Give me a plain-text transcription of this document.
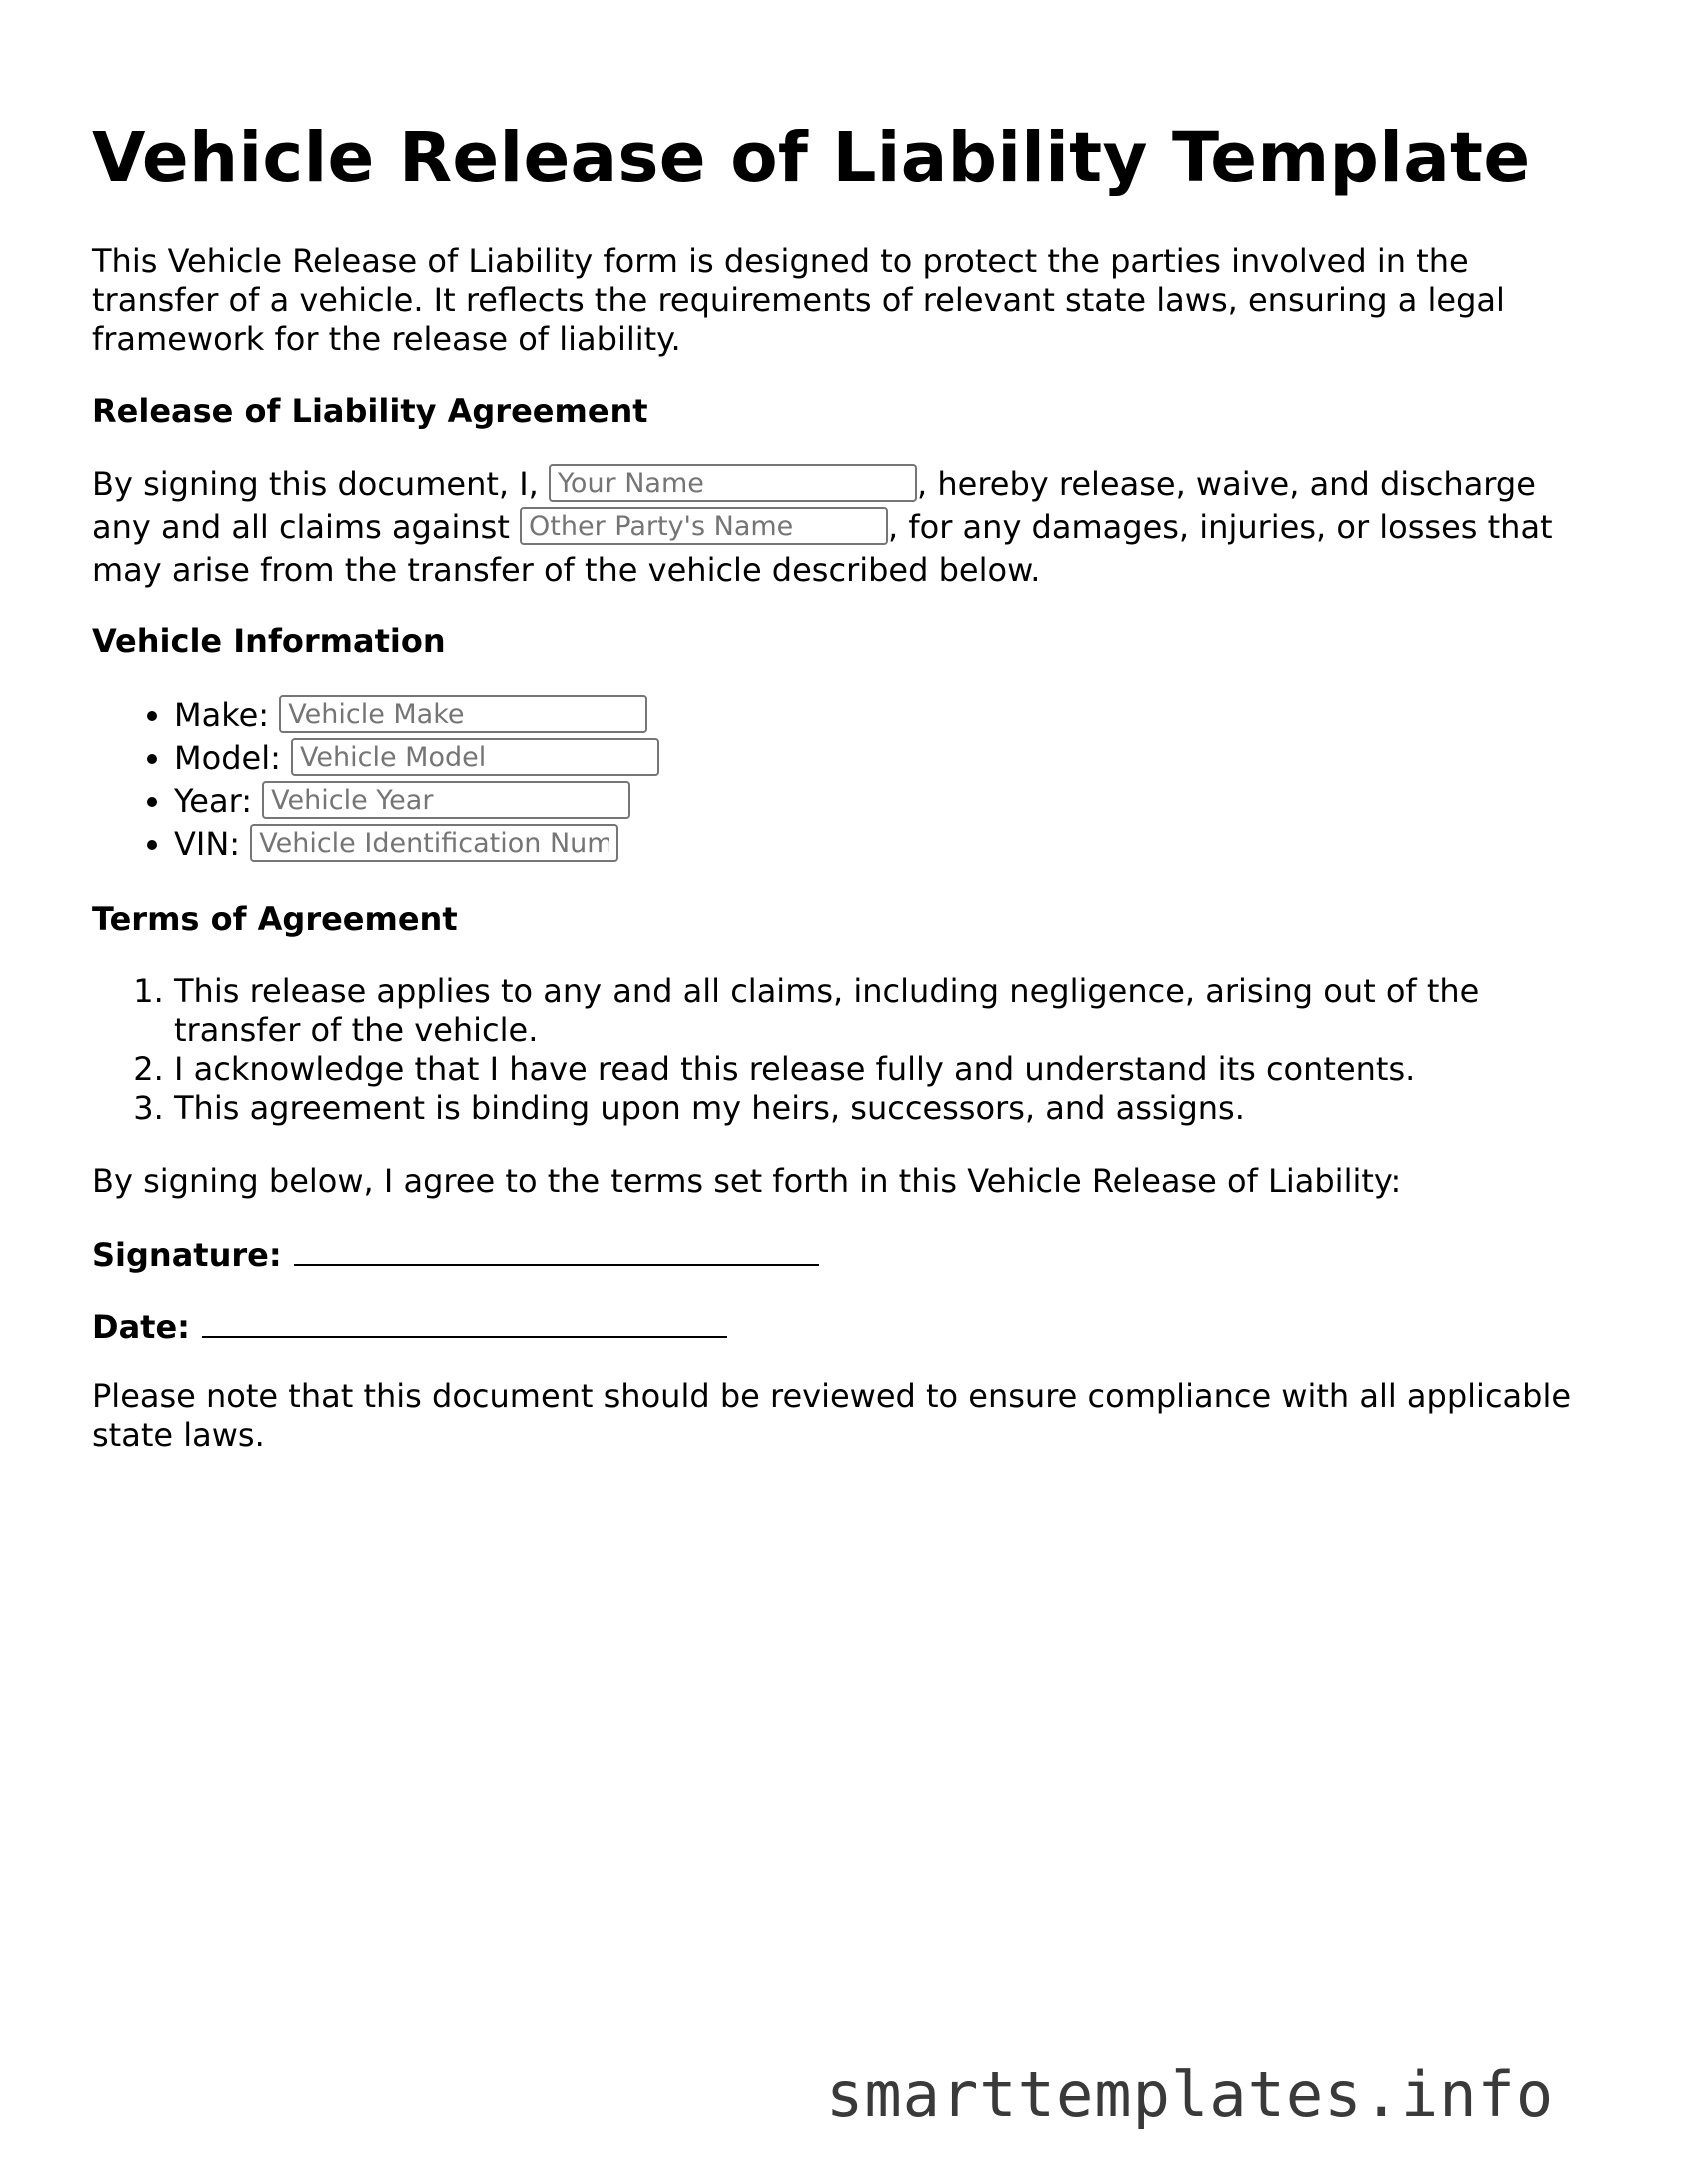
Vehicle Release of Liability Template

This Vehicle Release of Liability form is designed to protect the parties involved in the transfer of a vehicle. It reflects the requirements of relevant state laws, ensuring a legal framework for the release of liability.

Release of Liability Agreement

By signing this document, I, Your Name	, hereby release, waive, and discharge any and all claims against Other Party's Name	, for any damages, injuries, or losses that may arise from the transfer of the vehicle described below.

Vehicle Information
• Make: Vehicle Make
• Model: Vehicle Model
• Year: Vehicle Year
• VIN: Vehicle Identification Number
Terms of Agreement
1. This release applies to any and all claims, including negligence, arising out of the transfer of the vehicle.
2. I acknowledge that I have read this release fully and understand its contents.
3. This agreement is binding upon my heirs, successors, and assigns.

By signing below, I agree to the terms set forth in this Vehicle Release of Liability:

Signature:
Date:

Please note that this document should be reviewed to ensure compliance with all applicable state laws.

smarttemplates.info
